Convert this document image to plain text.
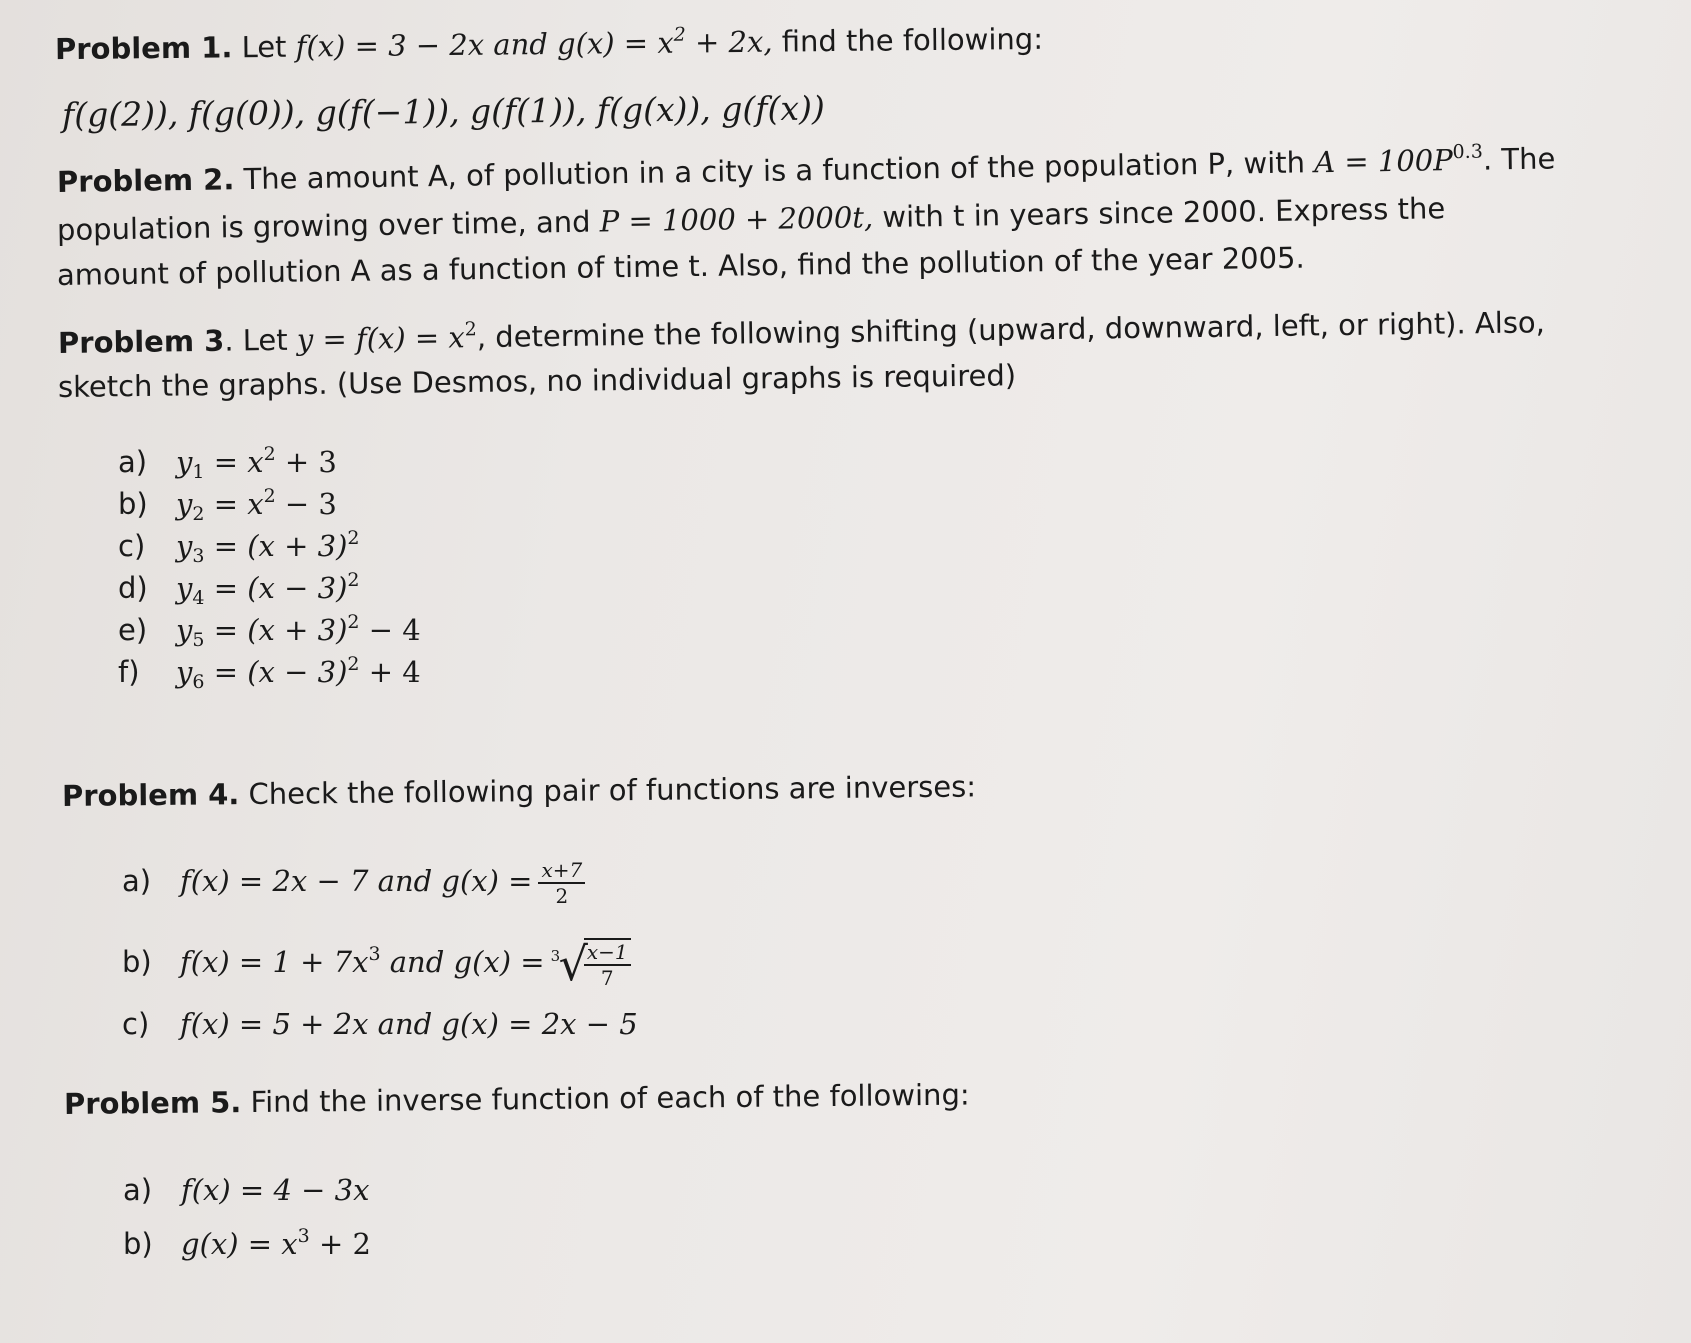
Problem 1. Let f(x) = 3 − 2x and $g(x) = x^2 + 2x$, find the following:
f(g(2)), f(g(0)), g(f(−1)), g(f(1)), f(g(x)), g(f(x))
Problem 2. The amount A, of pollution in a city is a function of the population P, with $A = 100P^{0.3}$. The
population is growing over time, and P = 1000 + 2000t, with t in years since 2000. Express the
amount of pollution A as a function of time t. Also, find the pollution of the year 2005.
Problem 3. Let $y = f(x) = x^2$, determine the following shifting (upward, downward, left, or right). Also,
sketch the graphs. (Use Desmos, no individual graphs is required)
a) $y_1 = x^2 + 3$
b) $y_2 = x^2 - 3$
c) $y_3 = (x + 3)^2$
d) $y_4 = (x - 3)^2$
e) $y_5 = (x + 3)^2 - 4$
f) $y_6 = (x - 3)^2 + 4$
Problem 4. Check the following pair of functions are inverses:
a) f(x) = 2x − 7 and $g(x) = \frac{x+7}{2}$
b) $f(x) = 1 + 7x^3$ and g(x) = 3
√
$\frac{x-1}{7}$
c) f(x) = 5 + 2x and g(x) = 2x − 5
Problem 5. Find the inverse function of each of the following:
a) f(x) = 4 − 3x
b) $g(x) = x^3 + 2$
